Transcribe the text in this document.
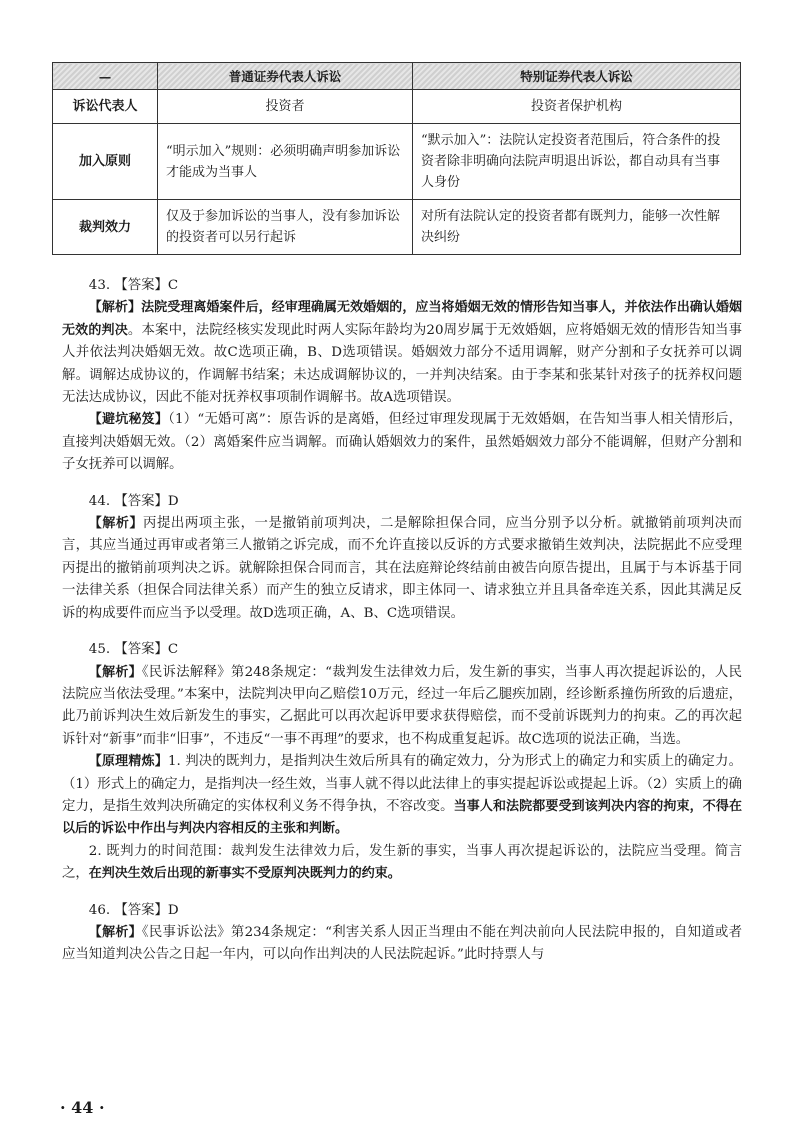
—	普通证券代表人诉讼	特别证券代表人诉讼
诉讼代表人	投资者	投资者保护机构
加入原则	“明示加入”规则：必须明确声明参加诉讼才能成为当事人	“默示加入”：法院认定投资者范围后，符合条件的投资者除非明确向法院声明退出诉讼，都自动具有当事人身份
裁判效力	仅及于参加诉讼的当事人，没有参加诉讼的投资者可以另行起诉	对所有法院认定的投资者都有既判力，能够一次性解决纠纷

43. 【答案】C

【解析】法院受理离婚案件后，经审理确属无效婚姻的，应当将婚姻无效的情形告知当事人，并依法作出确认婚姻无效的判决。本案中，法院经核实发现此时两人实际年龄均为20周岁属于无效婚姻，应将婚姻无效的情形告知当事人并依法判决婚姻无效。故C选项正确，B、D选项错误。婚姻效力部分不适用调解，财产分割和子女抚养可以调解。调解达成协议的，作调解书结案；未达成调解协议的，一并判决结案。由于李某和张某针对孩子的抚养权问题无法达成协议，因此不能对抚养权事项制作调解书。故A选项错误。

【避坑秘笈】（1）“无婚可离”：原告诉的是离婚，但经过审理发现属于无效婚姻，在告知当事人相关情形后，直接判决婚姻无效。（2）离婚案件应当调解。而确认婚姻效力的案件，虽然婚姻效力部分不能调解，但财产分割和子女抚养可以调解。

44. 【答案】D

【解析】丙提出两项主张，一是撤销前项判决，二是解除担保合同，应当分别予以分析。就撤销前项判决而言，其应当通过再审或者第三人撤销之诉完成，而不允许直接以反诉的方式要求撤销生效判决，法院据此不应受理丙提出的撤销前项判决之诉。就解除担保合同而言，其在法庭辩论终结前由被告向原告提出，且属于与本诉基于同一法律关系（担保合同法律关系）而产生的独立反请求，即主体同一、请求独立并且具备牵连关系，因此其满足反诉的构成要件而应当予以受理。故D选项正确，A、B、C选项错误。

45. 【答案】C

【解析】《民诉法解释》第248条规定：“裁判发生法律效力后，发生新的事实，当事人再次提起诉讼的，人民法院应当依法受理。”本案中，法院判决甲向乙赔偿10万元，经过一年后乙腿疾加剧，经诊断系撞伤所致的后遗症，此乃前诉判决生效后新发生的事实，乙据此可以再次起诉甲要求获得赔偿，而不受前诉既判力的拘束。乙的再次起诉针对“新事”而非“旧事”，不违反“一事不再理”的要求，也不构成重复起诉。故C选项的说法正确，当选。

【原理精炼】1. 判决的既判力，是指判决生效后所具有的确定效力，分为形式上的确定力和实质上的确定力。（1）形式上的确定力，是指判决一经生效，当事人就不得以此法律上的事实提起诉讼或提起上诉。（2）实质上的确定力，是指生效判决所确定的实体权利义务不得争执，不容改变。当事人和法院都要受到该判决内容的拘束，不得在以后的诉讼中作出与判决内容相反的主张和判断。

2. 既判力的时间范围：裁判发生法律效力后，发生新的事实，当事人再次提起诉讼的，法院应当受理。简言之，在判决生效后出现的新事实不受原判决既判力的约束。

46. 【答案】D

【解析】《民事诉讼法》第234条规定：“利害关系人因正当理由不能在判决前向人民法院申报的，自知道或者应当知道判决公告之日起一年内，可以向作出判决的人民法院起诉。”此时持票人与

· 44 ·
